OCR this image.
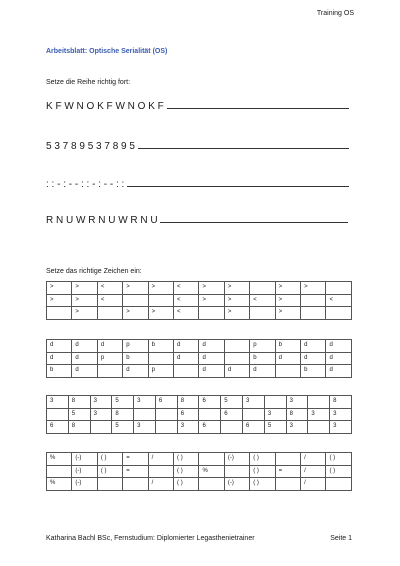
Training OS
Arbeitsblatt: Optische Serialität (OS)
Setze die Reihe richtig fort:
K F W N O K F W N O K F
5 3 7 8 9 5 3 7 8 9 5
: : - : - - : : - : - - : :
R N U W R N U W R N U
Setze das richtige Zeichen ein:
>	>	<	>	>	<	>	>		>	>	
>	>	<			<	>	>	<	>		<
	>		>	>	<		>		>		
d	d	d	p	b	d	d		p	b	d	d
d	d	p	b		d	d		b	d	d	d
b	d		d	p		d	d	d		b	d
3	8	3	5	3	6	8	6	5	3		3		8
	5	3	8			6		6		3	8	3	3
6	8		5	3		3	6		6	5	3		3
%	(-)	( )	=	/	( )		(-)	( )		/	( )
	(-)	( )	=		( )	%		( )	=	/	( )
%	(-)			/	( )		(-)	( )		/	
Katharina Bachl BSc, Fernstudium: Diplomierter Legasthenietrainer	Seite 1
